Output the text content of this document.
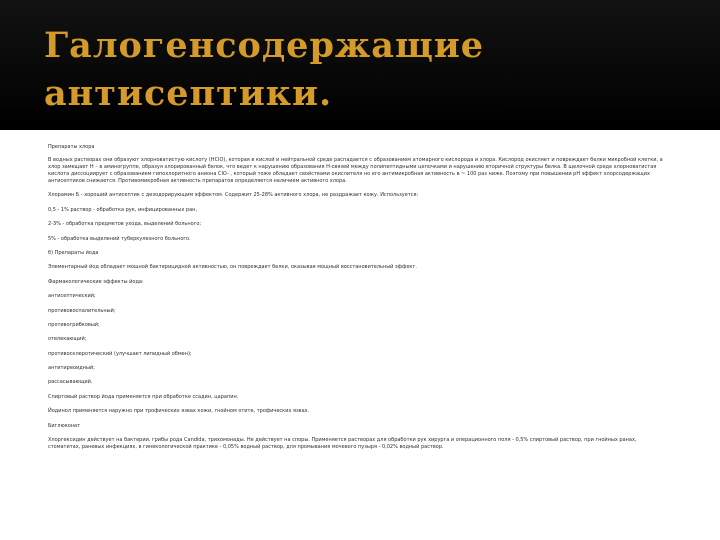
Галогенсодержащие
антисептики.

Препараты хлора

В водных растворах они образуют хлорноватистую кислоту (HClO), которая в кислой и нейтральной среде распадается с образованием атомарного кислорода и хлора. Кислород окисляет и повреждает белки микробной клетки, а хлор замещает Н – в аминогруппе, образуя хлорированный белок, что ведет к нарушению образования Н-связей между полипептидными цепочками и нарушению вторичной структуры белка. В щелочной среде хлорноватистая кислота диссоциирует с образованием гипохлоритного аниона ClO- , который тоже обладает свойствами окислителя но его антимикробная активность в ~ 100 раз ниже. Поэтому при повышении рН эффект хлорсодержащих антисептиков снижается. Противомикробная активность препаратов определяется наличием активного хлора.

Хлорамин Б - хороший антисептик с дезодорирующим эффектом. Содержит 25-28% активного хлора, не раздражает кожу. Используется:

0,5 - 1% раствор - обработка рук, инфицированных ран,

2-3% - обработка предметов ухода, выделений больного;

5% - обработка выделений туберкулезного больного.

б) Препараты йода

Элементарный йод обладает мощной бактерицидной активностью, он повреждает белки, оказывая мощный восстановительный эффект.

Фармакологические эффекты йода:

антисептический;

противовоспалительный;

противогрибковый;

отвлекающий;

противосклеротический (улучшает липидный обмен);

антитиреоидный;

рассасывающий.

Спиртовый раствор йода применяется при обработке ссадин, царапин.

Йодинол применяется наружно при трофических язвах кожи, гнойном отите, трофических язвах.

Биглюконат

Хлоргексидин действует на бактерии, грибы рода Candida, трихомонады. Не действует на споры. Применяется растворах для обработки рук хирурга и операционного поля - 0,5% спиртовый раствор, при гнойных ранах, стоматитах, раневых инфекциях, в гинекологической практике - 0,05% водный раствор, для промывания мочевого пузыря - 0,02% водный раствор.
